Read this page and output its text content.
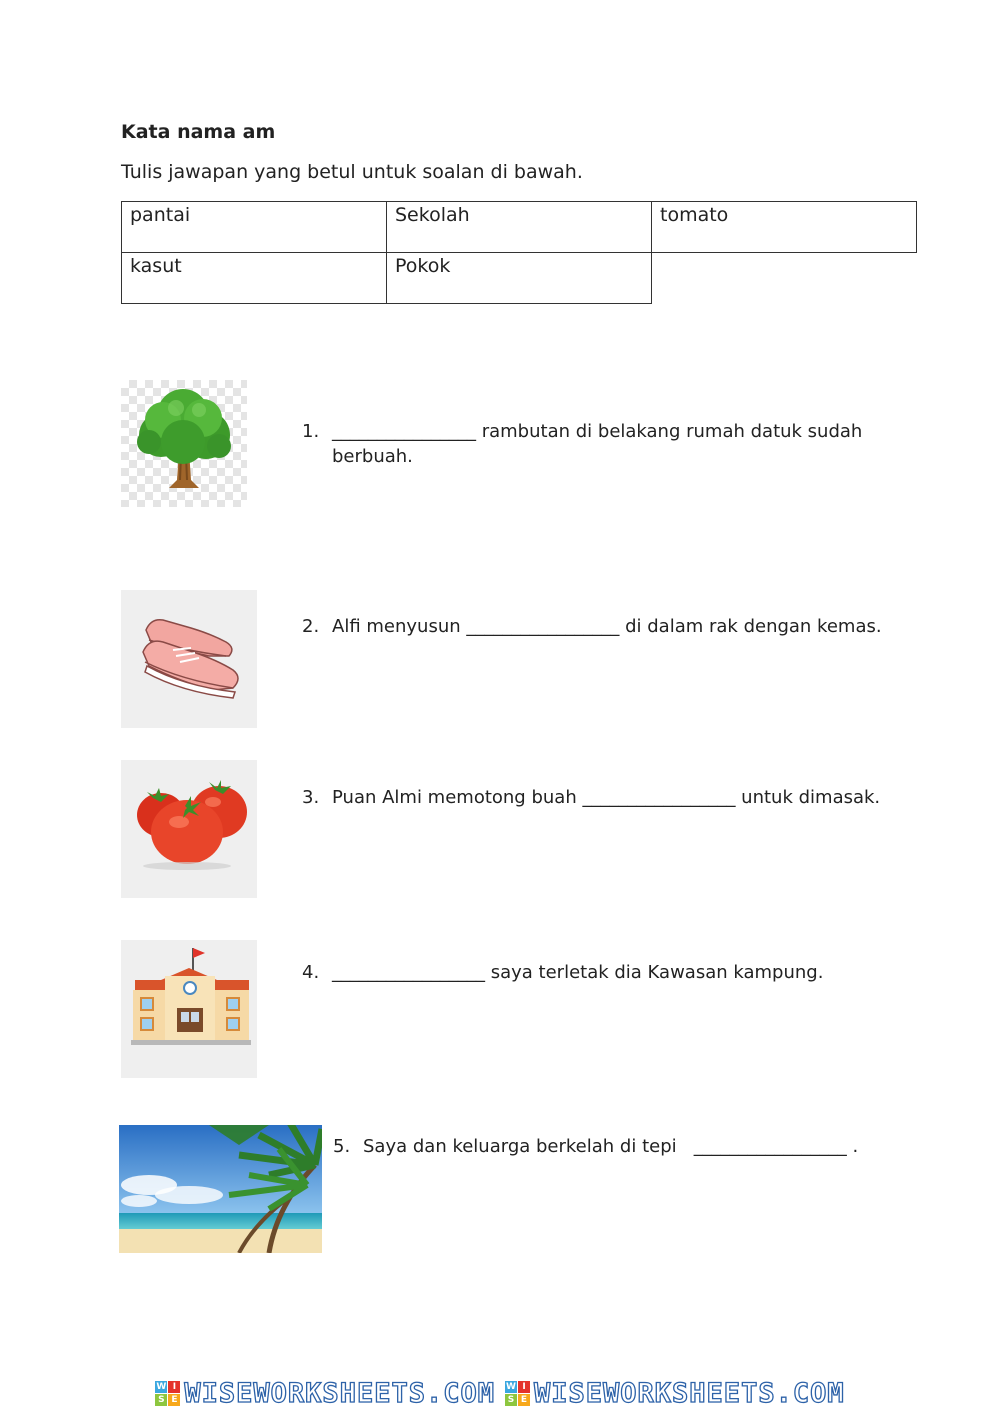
Kata nama am

Tulis jawapan yang betul untuk soalan di bawah.

pantai	Sekolah	tomato
kasut	Pokok	
1. ________________ rambutan di belakang rumah datuk sudah
berbuah.
2. Alfi menyusun _________________ di dalam rak dengan kemas.
3. Puan Almi memotong buah _________________ untuk dimasak.
4. _________________ saya terletak dia Kawasan kampung.
5. Saya dan keluarga berkelah di tepi   _________________ .
W I
S E WISEWORKSHEETS.COM W I
S E WISEWORKSHEETS.COM
